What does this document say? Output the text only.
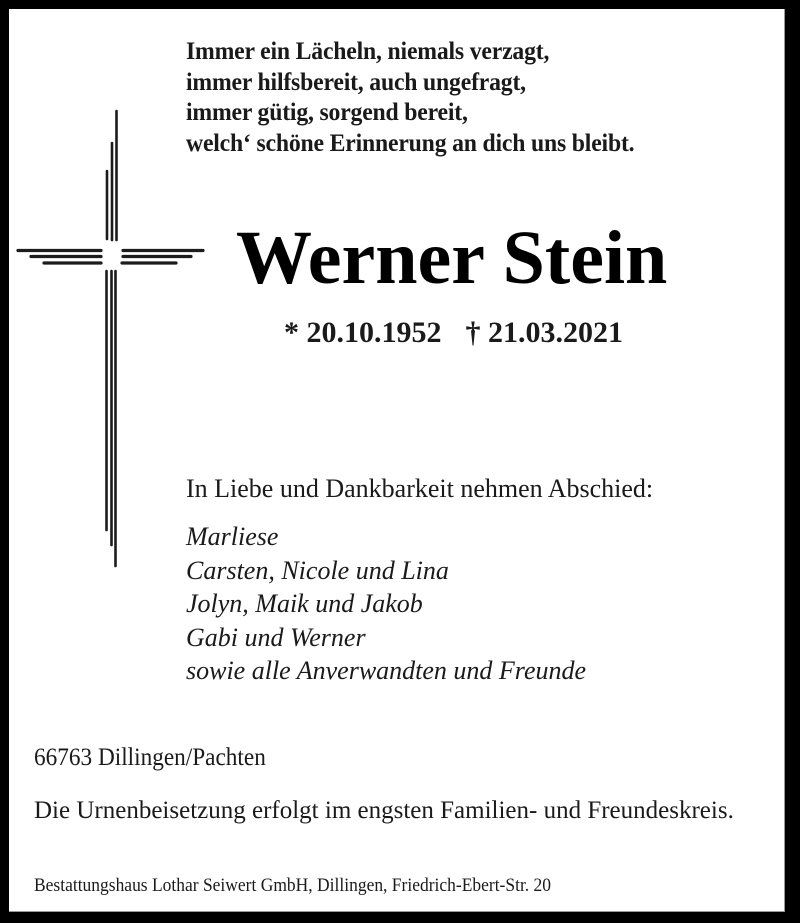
Immer ein Lächeln, niemals verzagt,
immer hilfsbereit, auch ungefragt,
immer gütig, sorgend bereit,
welch‘ schöne Erinnerung an dich uns bleibt.
Werner Stein
* 20.10.1952 † 21.03.2021
In Liebe und Dankbarkeit nehmen Abschied:
Marliese
Carsten, Nicole und Lina
Jolyn, Maik und Jakob
Gabi und Werner
sowie alle Anverwandten und Freunde
66763 Dillingen/Pachten
Die Urnenbeisetzung erfolgt im engsten Familien- und Freundeskreis.
Bestattungshaus Lothar Seiwert GmbH, Dillingen, Friedrich-Ebert-Str. 20
